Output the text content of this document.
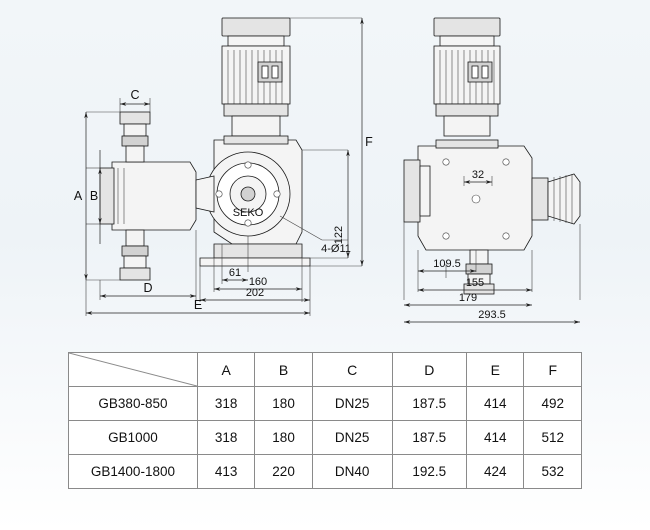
SEKO
C
A B
D
E
F
122
61
160
202
4-Ø11
32
109.5
155
179
293.5
	A	B	C	D	E	F
GB380-850	318	180	DN25	187.5	414	492
GB1000	318	180	DN25	187.5	414	512
GB1400-1800	413	220	DN40	192.5	424	532
